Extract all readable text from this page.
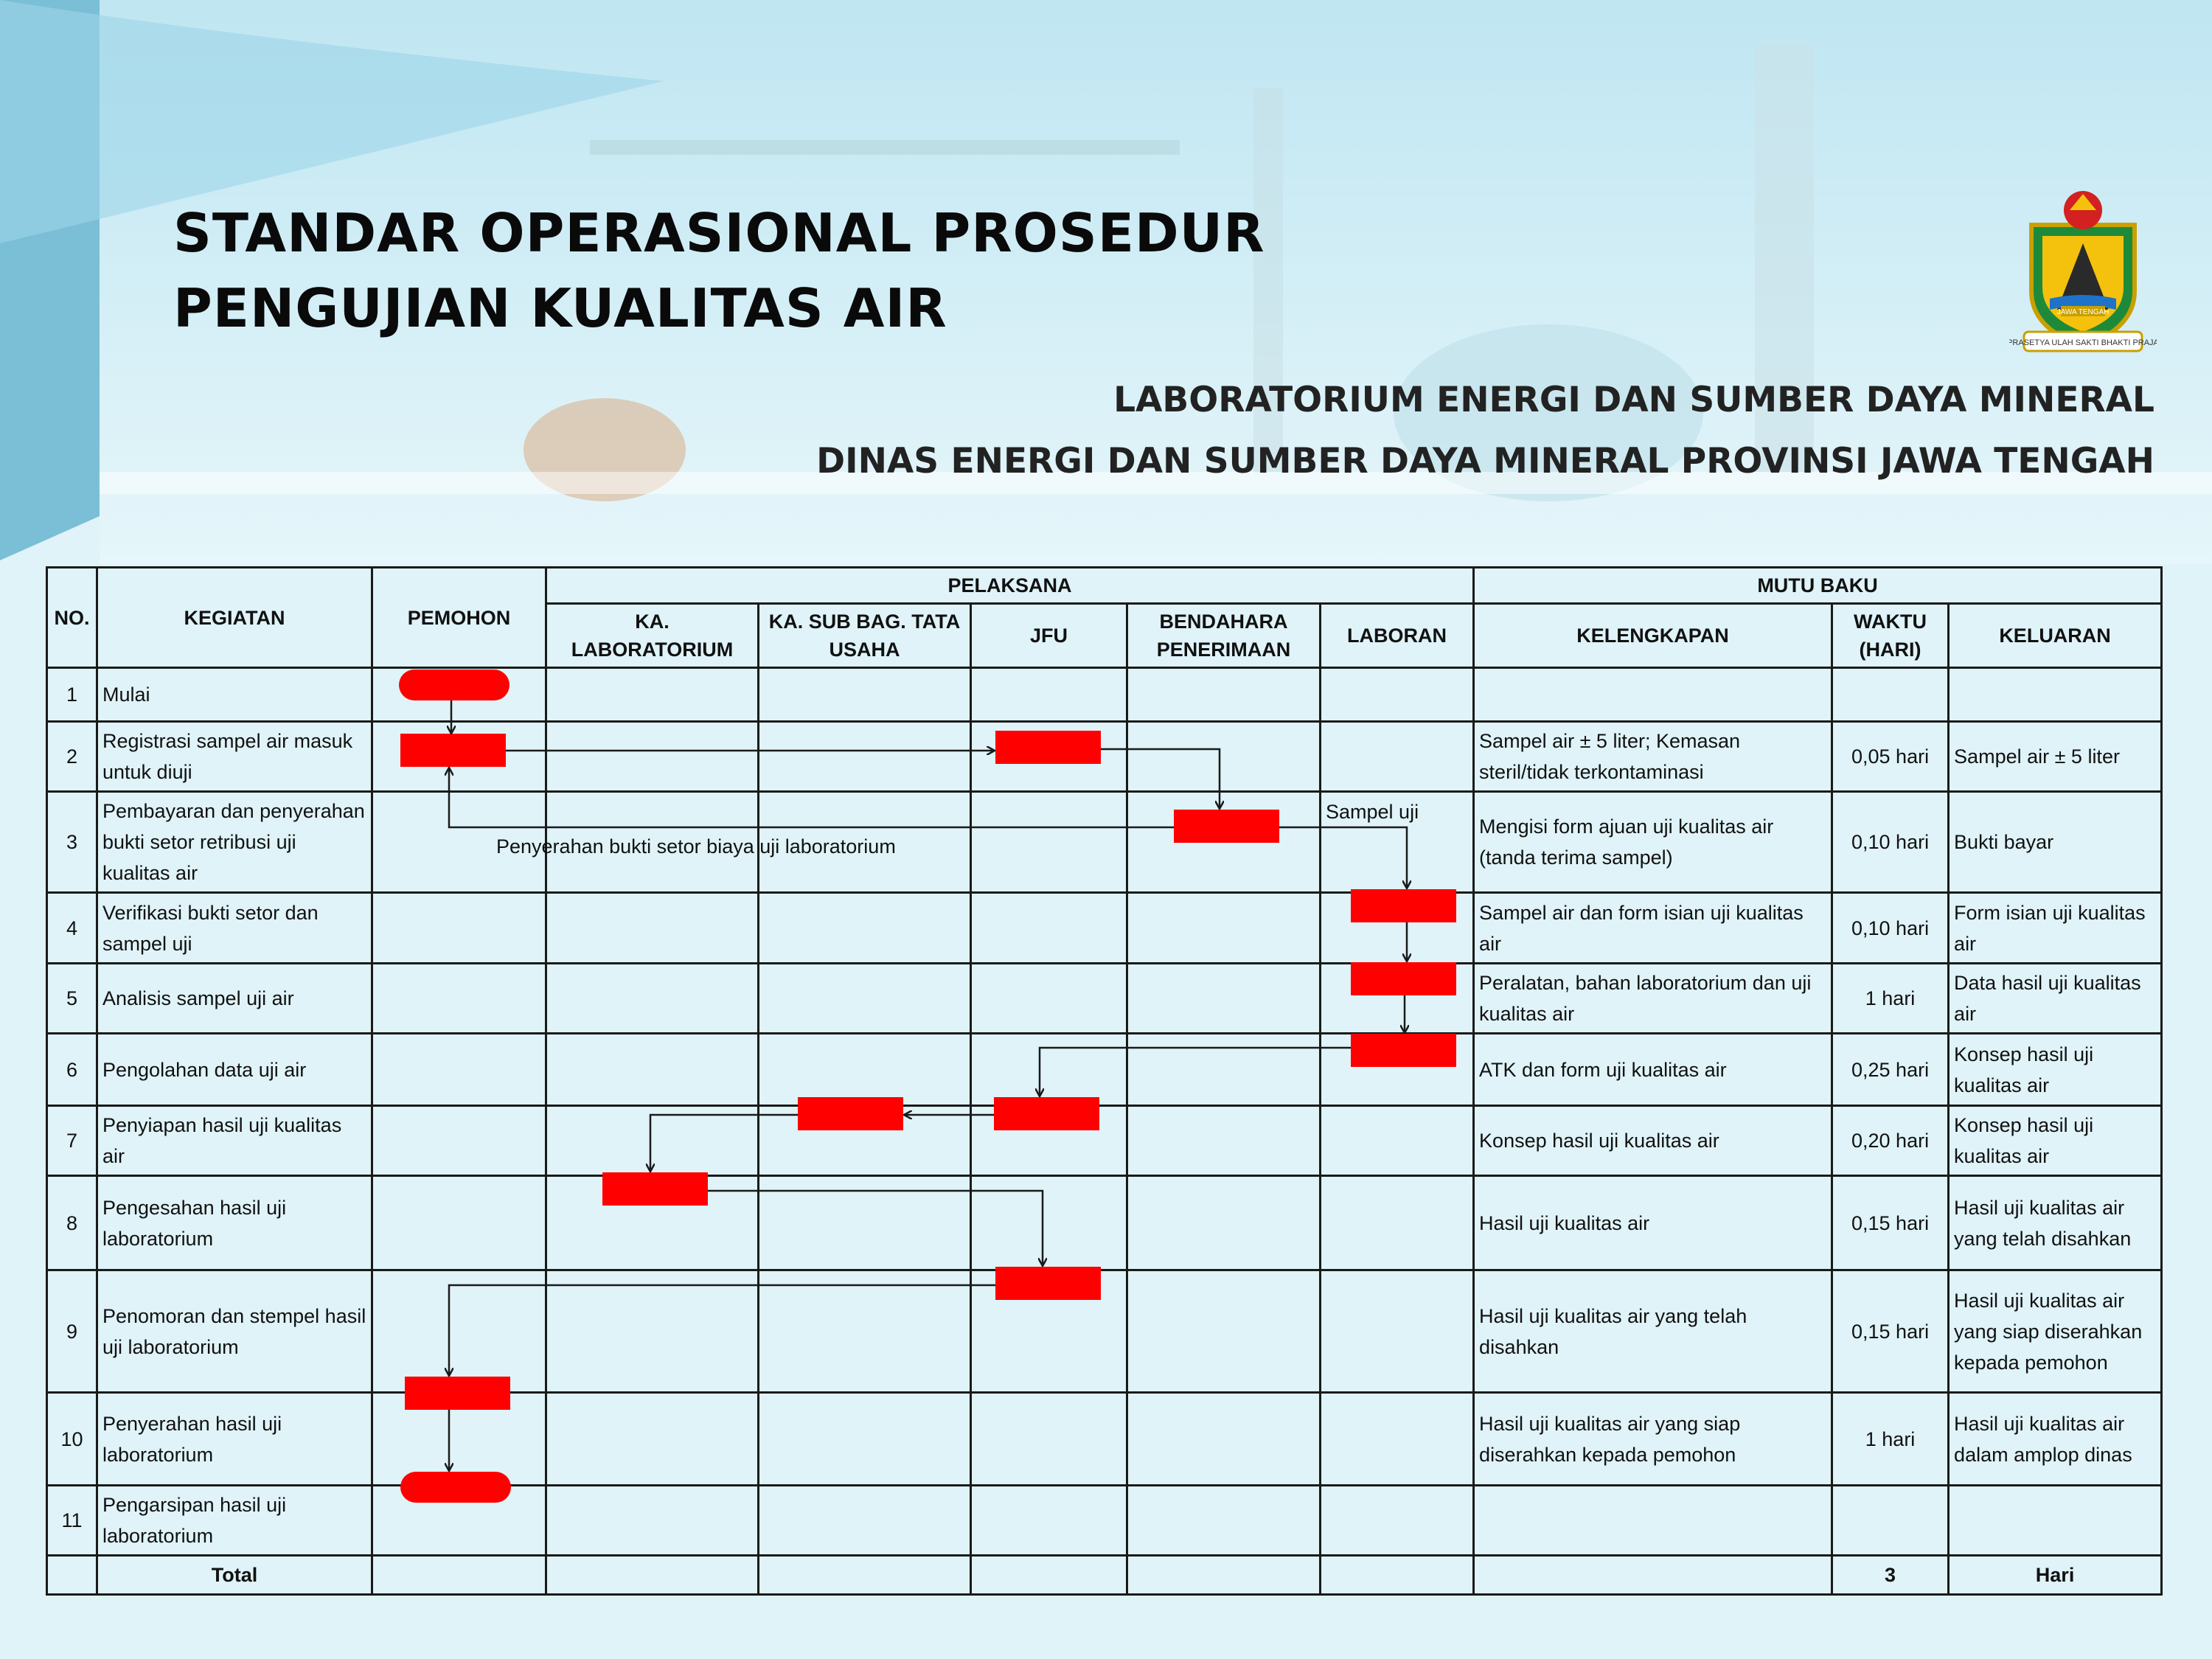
STANDAR OPERASIONAL PROSEDUR
PENGUJIAN KUALITAS AIR
PRASETYA ULAH SAKTI BHAKTI PRAJA
JAWA TENGAH
LABORATORIUM ENERGI DAN SUMBER DAYA MINERAL
DINAS ENERGI DAN SUMBER DAYA MINERAL PROVINSI JAWA TENGAH
NO.	KEGIATAN	PEMOHON	PELAKSANA					MUTU BAKU		
			KA. LABORATORIUM	KA. SUB BAG. TATA USAHA	JFU	BENDAHARA PENERIMAAN	LABORAN	KELENGKAPAN	WAKTU (HARI)	KELUARAN
1	Mulai									
2	Registrasi sampel air masuk untuk diuji							Sampel air ± 5 liter; Kemasan steril/tidak terkontaminasi	0,05 hari	Sampel air ± 5 liter
3	Pembayaran dan penyerahan bukti setor retribusi uji kualitas air							Mengisi form ajuan uji kualitas air (tanda terima sampel)	0,10 hari	Bukti bayar
4	Verifikasi bukti setor dan sampel uji							Sampel air dan form isian uji kualitas air	0,10 hari	Form isian uji kualitas air
5	Analisis sampel uji air							Peralatan, bahan laboratorium dan uji kualitas air	1 hari	Data hasil uji kualitas air
6	Pengolahan data uji air							ATK dan form uji kualitas air	0,25 hari	Konsep hasil uji kualitas air
7	Penyiapan hasil uji kualitas air							Konsep hasil uji kualitas air	0,20 hari	Konsep hasil uji kualitas air
8	Pengesahan hasil uji laboratorium							Hasil uji kualitas air	0,15 hari	Hasil uji kualitas air yang telah disahkan
9	Penomoran dan stempel hasil uji laboratorium							Hasil uji kualitas air yang telah disahkan	0,15 hari	Hasil uji kualitas air yang siap diserahkan kepada pemohon
10	Penyerahan hasil uji laboratorium							Hasil uji kualitas air yang siap diserahkan kepada pemohon	1 hari	Hasil uji kualitas air dalam amplop dinas
11	Pengarsipan hasil uji laboratorium									
	Total								3	Hari
Penyerahan bukti setor biaya uji laboratorium
Sampel uji
